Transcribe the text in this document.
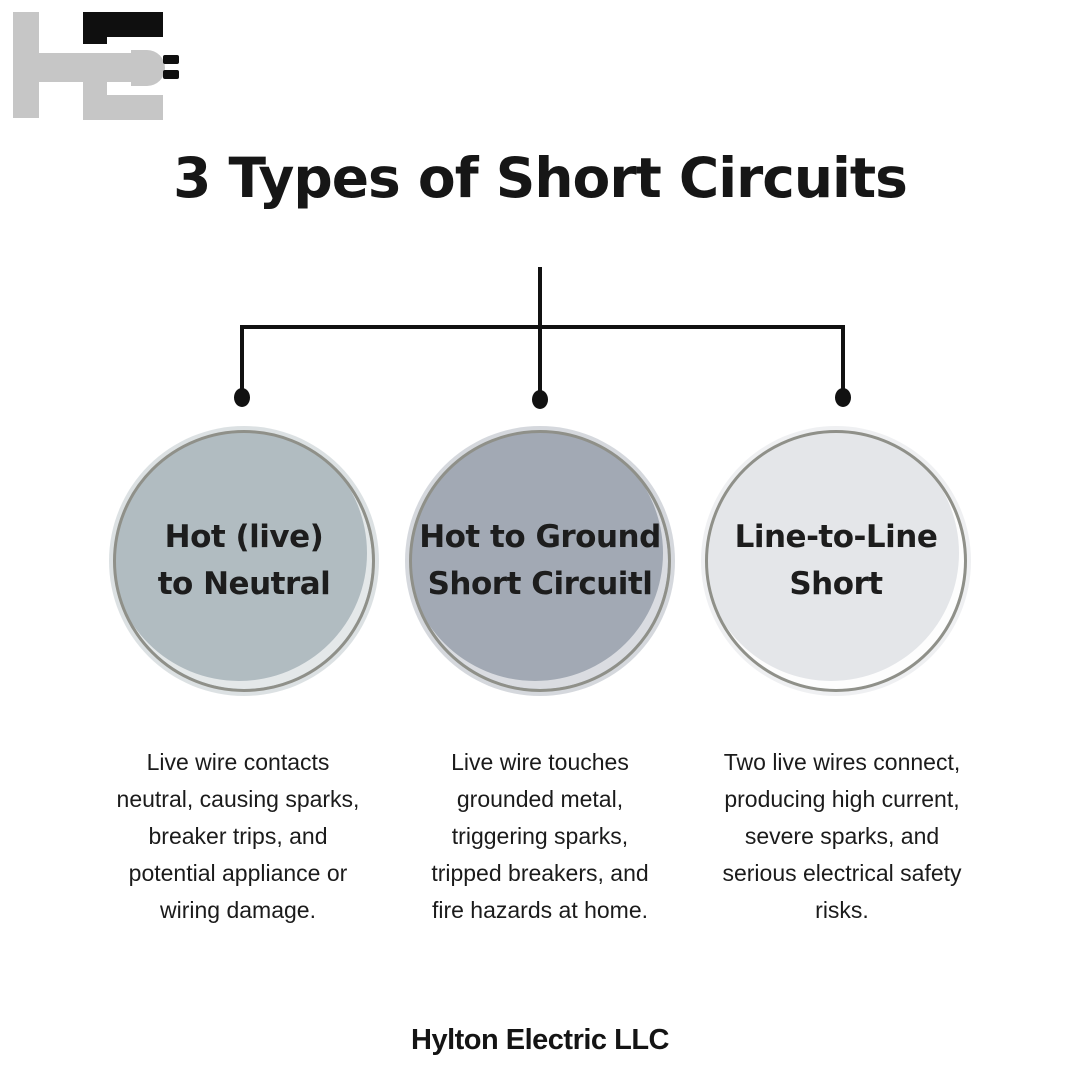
3 Types of Short Circuits
Hot (live)
to Neutral
Hot to Ground
Short Circuitl
Line-to-Line
Short
Live wire contacts
neutral, causing sparks,
breaker trips, and
potential appliance or
wiring damage.
Live wire touches
grounded metal,
triggering sparks,
tripped breakers, and
fire hazards at home.
Two live wires connect,
producing high current,
severe sparks, and
serious electrical safety
risks.
Hylton Electric LLC
